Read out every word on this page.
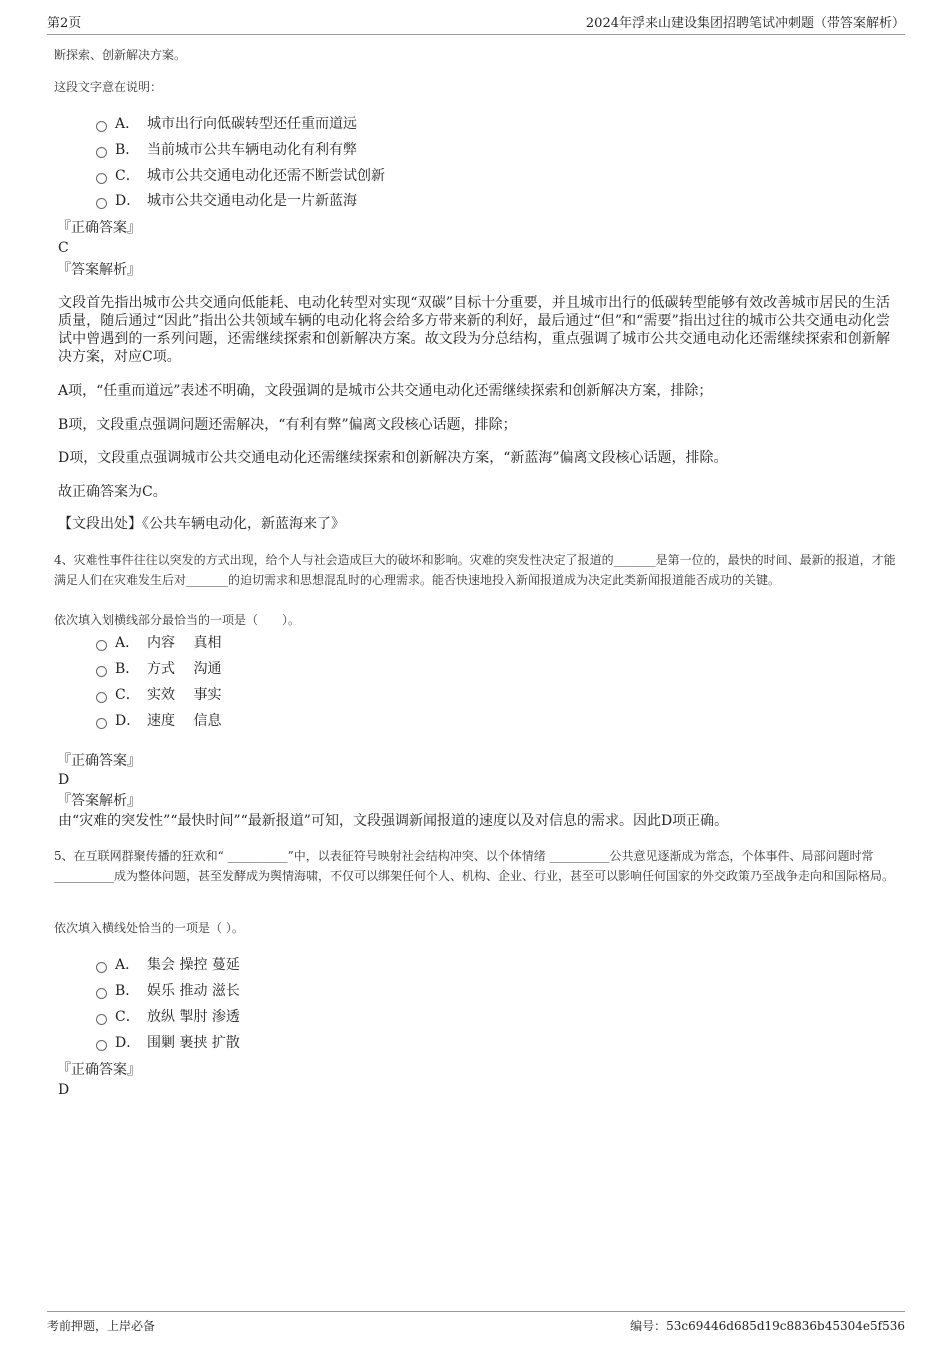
第2页	2024年浮来山建设集团招聘笔试冲刺题（带答案解析）
断探索、创新解决方案。
这段文字意在说明：
A． 城市出行向低碳转型还任重而道远
B． 当前城市公共车辆电动化有利有弊
C． 城市公共交通电动化还需不断尝试创新
D． 城市公共交通电动化是一片新蓝海
『正确答案』
C
『答案解析』
文段首先指出城市公共交通向低能耗、电动化转型对实现“双碳”目标十分重要，并且城市出行的低碳转型能够有效改善城市居民的生活质量，随后通过“因此”指出公共领域车辆的电动化将会给多方带来新的利好，最后通过“但”和“需要”指出过往的城市公共交通电动化尝试中曾遇到的一系列问题，还需继续探索和创新解决方案。故文段为分总结构，重点强调了城市公共交通电动化还需继续探索和创新解决方案，对应C项。
A项，“任重而道远”表述不明确，文段强调的是城市公共交通电动化还需继续探索和创新解决方案，排除；
B项，文段重点强调问题还需解决，“有利有弊”偏离文段核心话题，排除；
D项，文段重点强调城市公共交通电动化还需继续探索和创新解决方案，“新蓝海”偏离文段核心话题，排除。
故正确答案为C。
【文段出处】《公共车辆电动化，新蓝海来了》
4、灾难性事件往往以突发的方式出现，给个人与社会造成巨大的破坏和影响。灾难的突发性决定了报道的_______是第一位的，最快的时间、最新的报道，才能满足人们在灾难发生后对_______的迫切需求和思想混乱时的心理需求。能否快速地投入新闻报道成为决定此类新闻报道能否成功的关键。
依次填入划横线部分最恰当的一项是（　　）。
A． 内容　 真相
B． 方式　 沟通
C． 实效　 事实
D． 速度　 信息
『正确答案』
D
『答案解析』
由“灾难的突发性”“最快时间”“最新报道”可知，文段强调新闻报道的速度以及对信息的需求。因此D项正确。
5、在互联网群聚传播的狂欢和“ __________”中，以表征符号映射社会结构冲突、以个体情绪 __________公共意见逐渐成为常态，个体事件、局部问题时常 __________成为整体问题，甚至发酵成为舆情海啸，不仅可以绑架任何个人、机构、企业、行业，甚至可以影响任何国家的外交政策乃至战争走向和国际格局。
依次填入横线处恰当的一项是（ ）。
A． 集会 操控 蔓延
B． 娱乐 推动 滋长
C． 放纵 掣肘 渗透
D． 围剿 裹挟 扩散
『正确答案』
D
考前押题，上岸必备	编号：53c69446d685d19c8836b45304e5f536
